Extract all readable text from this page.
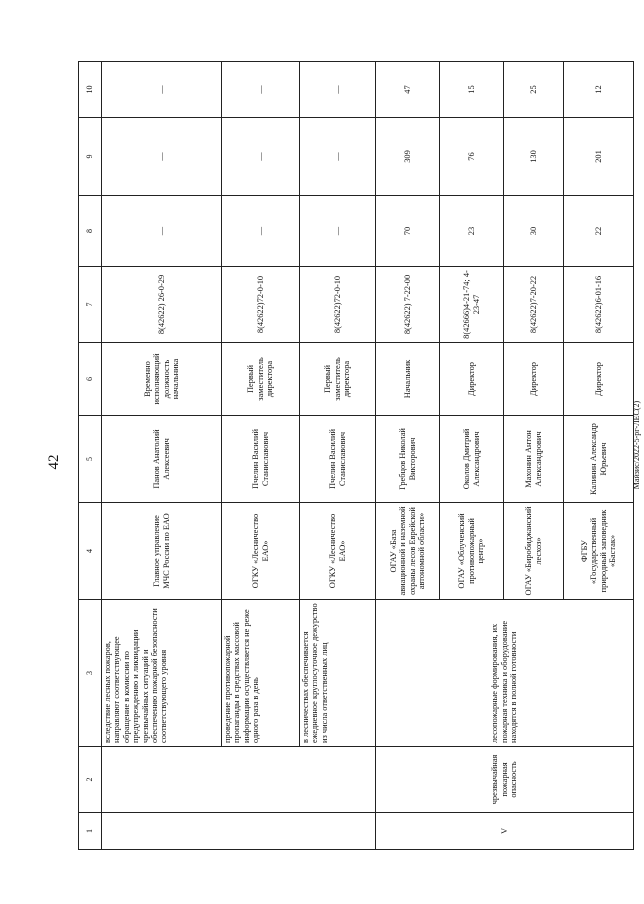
42	Майзис/2022-5-рг-ЛЕС(2)
1	2	3	4	5	6	7	8	9	10
		вследствие лесных пожаров, направляют соответствующее обращение в комиссии по предупреждению и ликвидации чрезвычайных ситуаций и обеспечению пожарной безопасности соответствующего уровня	Главное управление МЧС России по ЕАО	Панов Анатолий Алексеевич	Временно исполняющий должность начальника	8(42622) 26-0-29	—	—	—
		проведение противопожарной пропаганды в средствах массовой информации осуществляется не реже одного раза в день	ОГКУ «Лесничество ЕАО»	Пчелин Василий Станиславович	Первый заместитель директора	8(42622)72-0-10	—	—	—
		в лесничествах обеспечивается ежедневное круглосуточное дежурство из числа ответственных лиц	ОГКУ «Лесничество ЕАО»	Пчелин Василий Станиславович	Первый заместитель директора	8(42622)72-0-10	—	—	—
V	чрезвычайная пожарная опасность	лесопожарные формирования, их пожарная техника и оборудование находятся в полной готовности	ОГАУ «База авиационной и наземной охраны лесов Еврейской автономной области»	Гребцов Николай Викторович	Начальник	8(42622) 7-22-00	70	309	47
			ОГАУ «Облученский противопожарный центр»	Околов Дмитрий Александрович	Директор	8(42666)4-21-74; 4-23-47	23	76	15
			ОГАУ «Биробиджанский лесхоз»	Махонин Антон Александрович	Директор	8(42622)7-20-22	30	130	25
			ФГБУ «Государственный природный заповедник «Бастак»	Калинин Александр Юрьевич	Директор	8(42622)6-01-16	22	201	12
